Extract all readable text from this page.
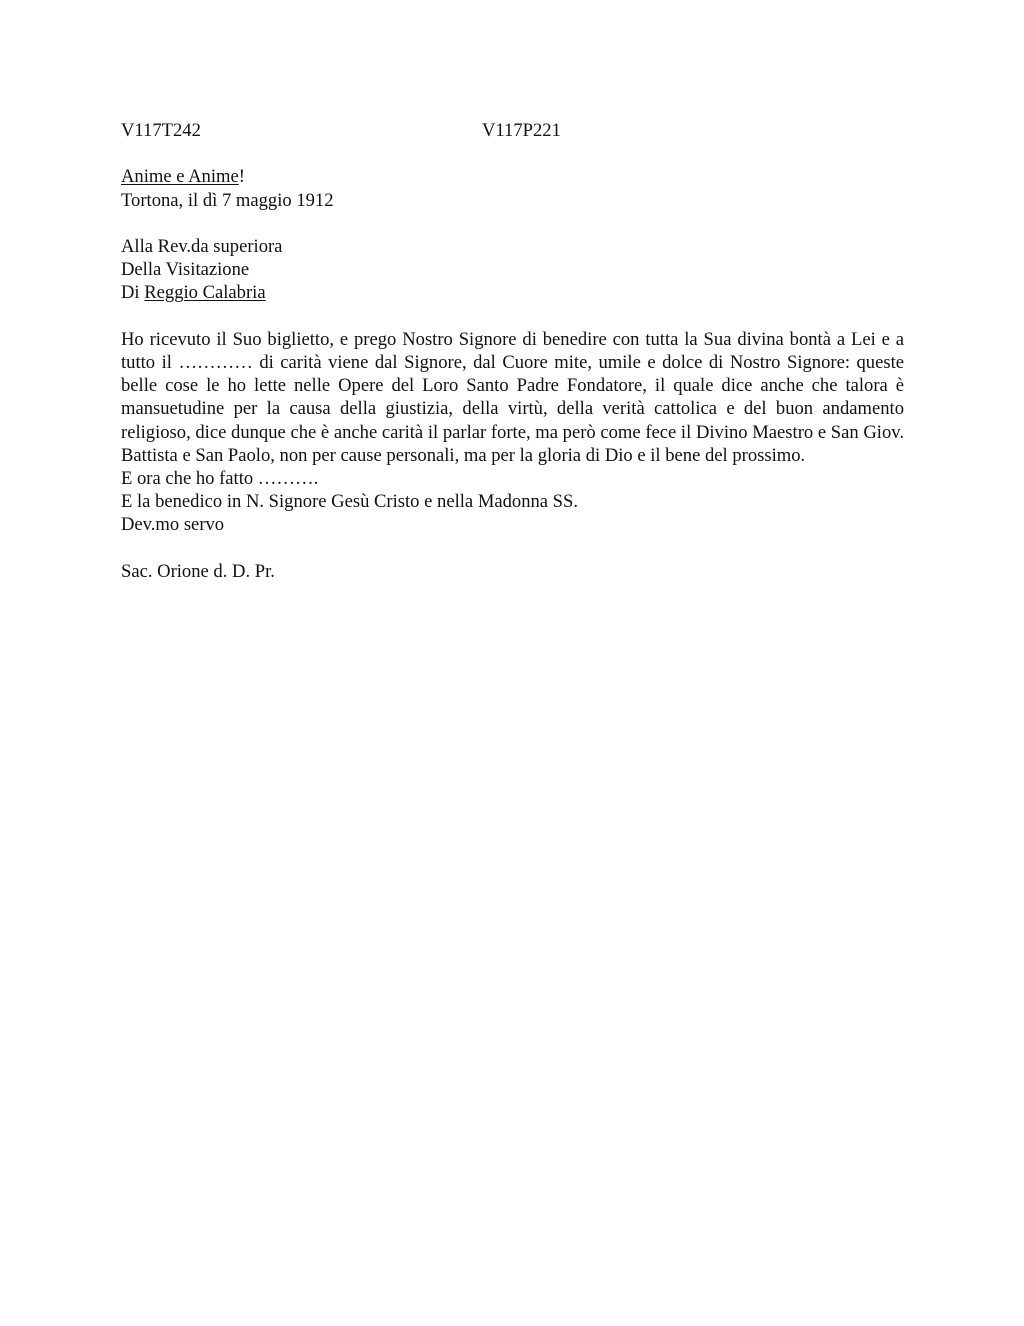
V117T242	V117P221
Anime e Anime!
Tortona, il dì 7 maggio 1912
Alla Rev.da superiora
Della Visitazione
Di Reggio Calabria

Ho ricevuto il Suo biglietto, e prego Nostro Signore di benedire con tutta la Sua divina bontà a Lei e a tutto il ………… di carità viene dal Signore, dal Cuore mite, umile e dolce di Nostro Signore: queste belle cose le ho lette nelle Opere del Loro Santo Padre Fondatore, il quale dice anche che talora è mansuetudine per la causa della giustizia, della virtù, della verità cattolica e del buon andamento religioso, dice dunque che è anche carità il parlar forte, ma però come fece il Divino Maestro e San Giov. Battista e San Paolo, non per cause personali, ma per la gloria di Dio e il bene del prossimo.

E ora che ho fatto ……….
E la benedico in N. Signore Gesù Cristo e nella Madonna SS.
Dev.mo servo
Sac. Orione d. D. Pr.
